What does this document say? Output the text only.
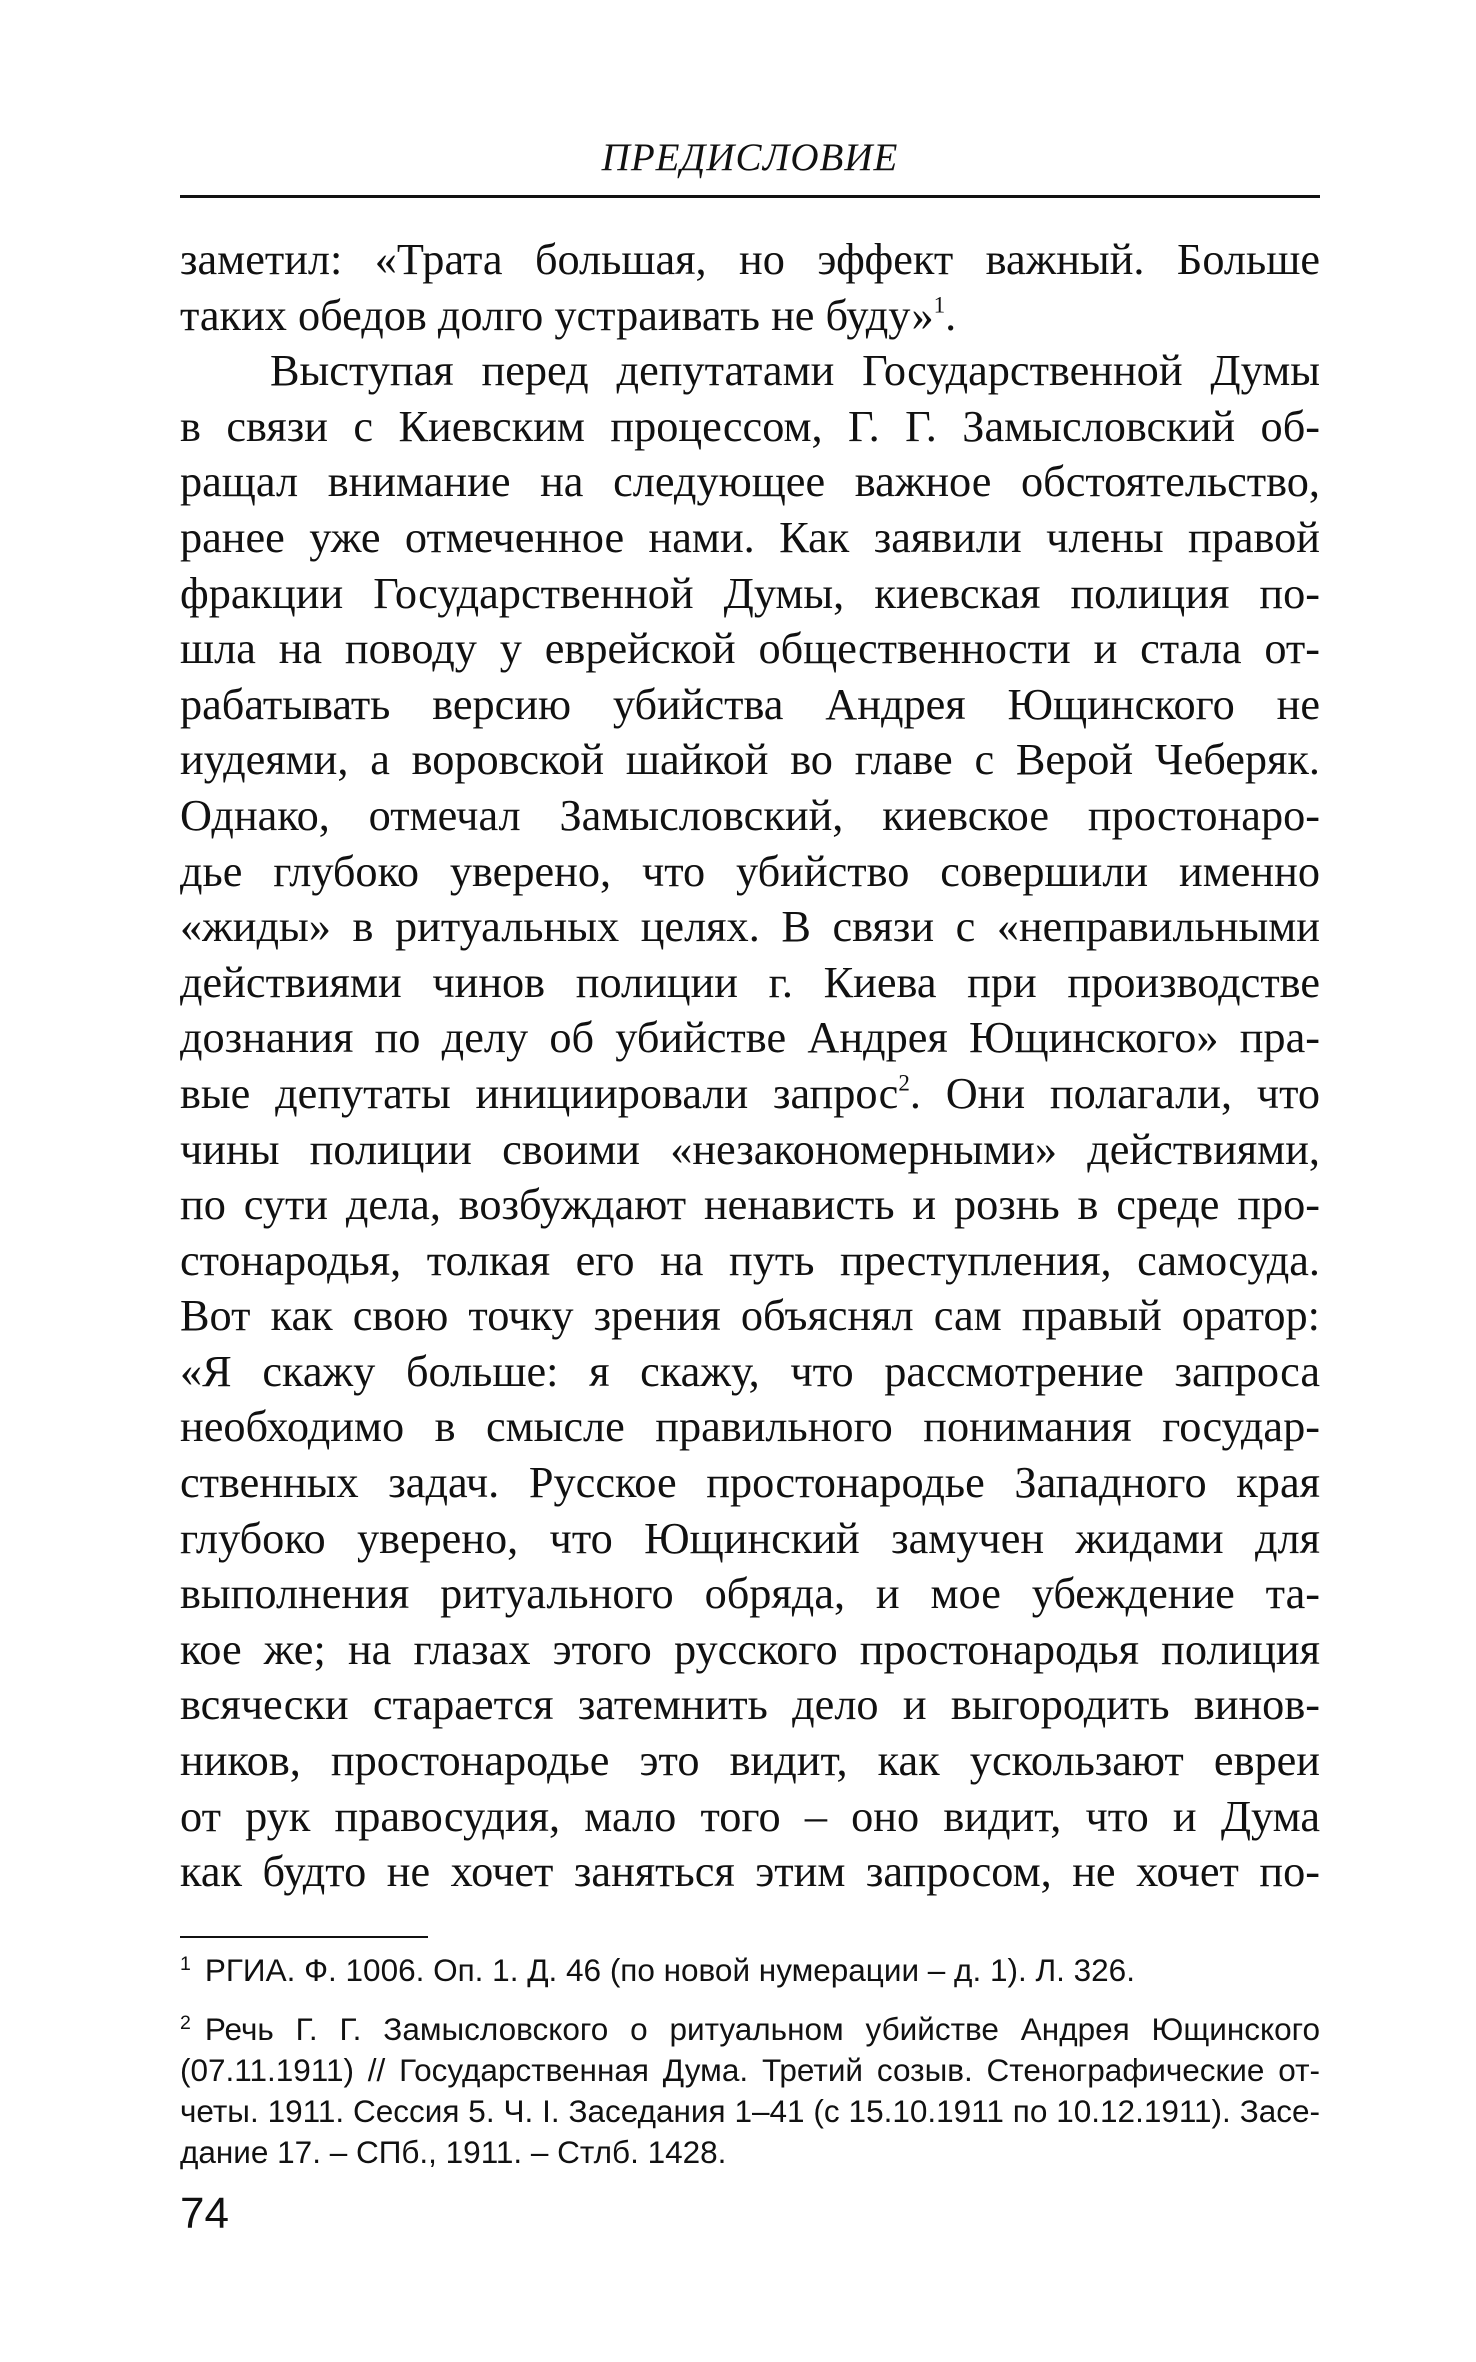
ПРЕДИСЛОВИЕ
заметил: «Трата большая, но эффект важный. Больше
таких обедов долго устраивать не буду»$^1$.
Выступая перед депутатами Государственной Думы
в связи с Киевским процессом, Г. Г. Замысловский об-
ращал внимание на следующее важное обстоятельство,
ранее уже отмеченное нами. Как заявили члены правой
фракции Государственной Думы, киевская полиция по-
шла на поводу у еврейской общественности и стала от-
рабатывать версию убийства Андрея Ющинского не
иудеями, а воровской шайкой во главе с Верой Чеберяк.
Однако, отмечал Замысловский, киевское простонаро-
дье глубоко уверено, что убийство совершили именно
«жиды» в ритуальных целях. В связи с «неправильными
действиями чинов полиции г. Киева при производстве
дознания по делу об убийстве Андрея Ющинского» пра-
вые депутаты инициировали запрос$^2$. Они полагали, что
чины полиции своими «незакономерными» действиями,
по сути дела, возбуждают ненависть и рознь в среде про-
стонародья, толкая его на путь преступления, самосуда.
Вот как свою точку зрения объяснял сам правый оратор:
«Я скажу больше: я скажу, что рассмотрение запроса
необходимо в смысле правильного понимания государ-
ственных задач. Русское простонародье Западного края
глубоко уверено, что Ющинский замучен жидами для
выполнения ритуального обряда, и мое убеждение та-
кое же; на глазах этого русского простонародья полиция
всячески старается затемнить дело и выгородить винов-
ников, простонародье это видит, как ускользают евреи
от рук правосудия, мало того – оно видит, что и Дума
как будто не хочет заняться этим запросом, не хочет по-
1 РГИА. Ф. 1006. Оп. 1. Д. 46 (по новой нумерации – д. 1). Л. 326.
2 Речь Г. Г. Замысловского о ритуальном убийстве Андрея Ющинского
(07.11.1911) // Государственная Дума. Третий созыв. Стенографические от-
четы. 1911. Сессия 5. Ч. I. Заседания 1–41 (с 15.10.1911 по 10.12.1911). Засе-
дание 17. – СПб., 1911. – Стлб. 1428.
74
